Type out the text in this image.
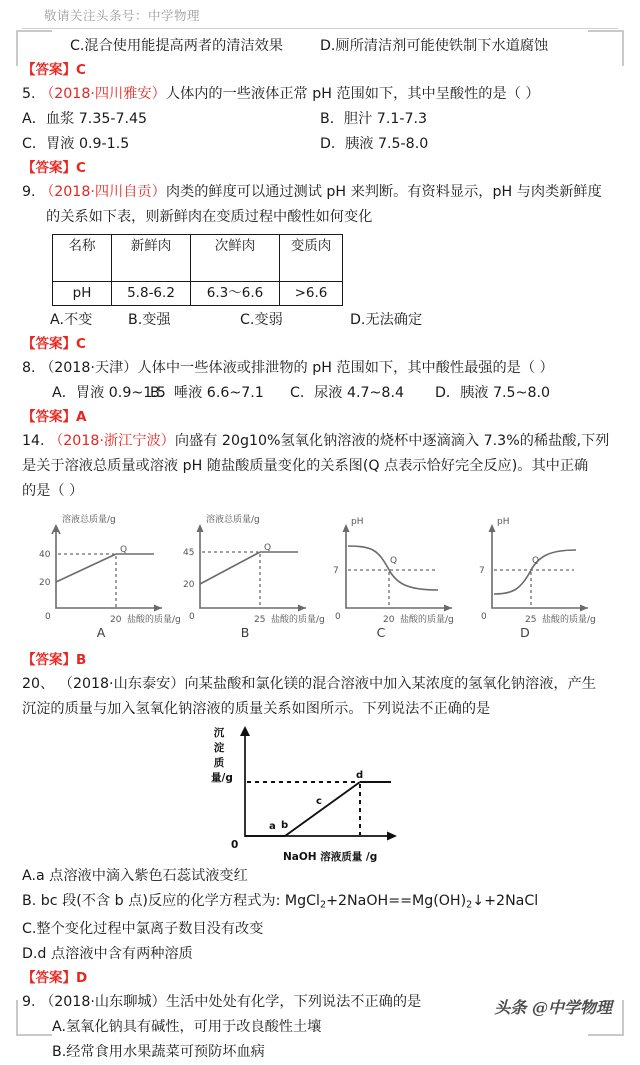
敬请关注头条号：中学物理
C.混合使用能提高两者的清洁效果	D.厕所清洁剂可能使铁制下水道腐蚀
【答案】C
5. （2018·四川雅安）人体内的一些液体正常 pH 范围如下，其中呈酸性的是（ ）
A．血浆 7.35-7.45	B．胆汁 7.1-7.3
C．胃液 0.9-1.5	D．胰液 7.5-8.0
【答案】C
9. （2018·四川自贡）肉类的鲜度可以通过测试 pH 来判断。有资料显示，pH 与肉类新鲜度
的关系如下表，则新鲜肉在变质过程中酸性如何变化
名称	新鲜肉	次鲜肉	变质肉
pH	5.8-6.2	6.3～6.6	>6.6
A.不变	B.变强	C.变弱	D.无法确定
【答案】C
8. （2018·天津）人体中一些体液或排泄物的 pH 范围如下，其中酸性最强的是（ ）
A．胃液 0.9~1.5
B．唾液 6.6~7.1 C．尿液 4.7~8.4 D．胰液 7.5~8.0
【答案】A
14. （2018·浙江宁波）向盛有 20g10%氢氧化钠溶液的烧杯中逐滴滴入 7.3%的稀盐酸,下列
是关于溶液总质量或溶液 pH 随盐酸质量变化的关系图(Q 点表示恰好完全反应)。其中正确
的是（ ）
溶液总质量/g
40
20
0	20 盐酸的质量/g
Q
A
溶液总质量/g
45
20
0	25 盐酸的质量/g
Q
B
pH
7
0	20 盐酸的质量/g
Q
C
pH
7
0	25 盐酸的质量/g
Q
D
【答案】B
20、 （2018·山东泰安）向某盐酸和氯化镁的混合溶液中加入某浓度的氢氧化钠溶液，产生
沉淀的质量与加入氢氧化钠溶液的质量关系如图所示。下列说法不正确的是
沉淀质量/g
a b
c
d
0
NaOH 溶液质量 /g
A.a 点溶液中滴入紫色石蕊试液变红
B. bc 段(不含 b 点)反应的化学方程式为: $MgCl_2+2NaOH==Mg(OH)_2↓+2NaCl$
C.整个变化过程中氯离子数目没有改变
D.d 点溶液中含有两种溶质
【答案】D
9. （2018·山东聊城）生活中处处有化学，下列说法不正确的是
A.氢氧化钠具有碱性，可用于改良酸性土壤
B.经常食用水果蔬菜可预防坏血病
头条 @中学物理
